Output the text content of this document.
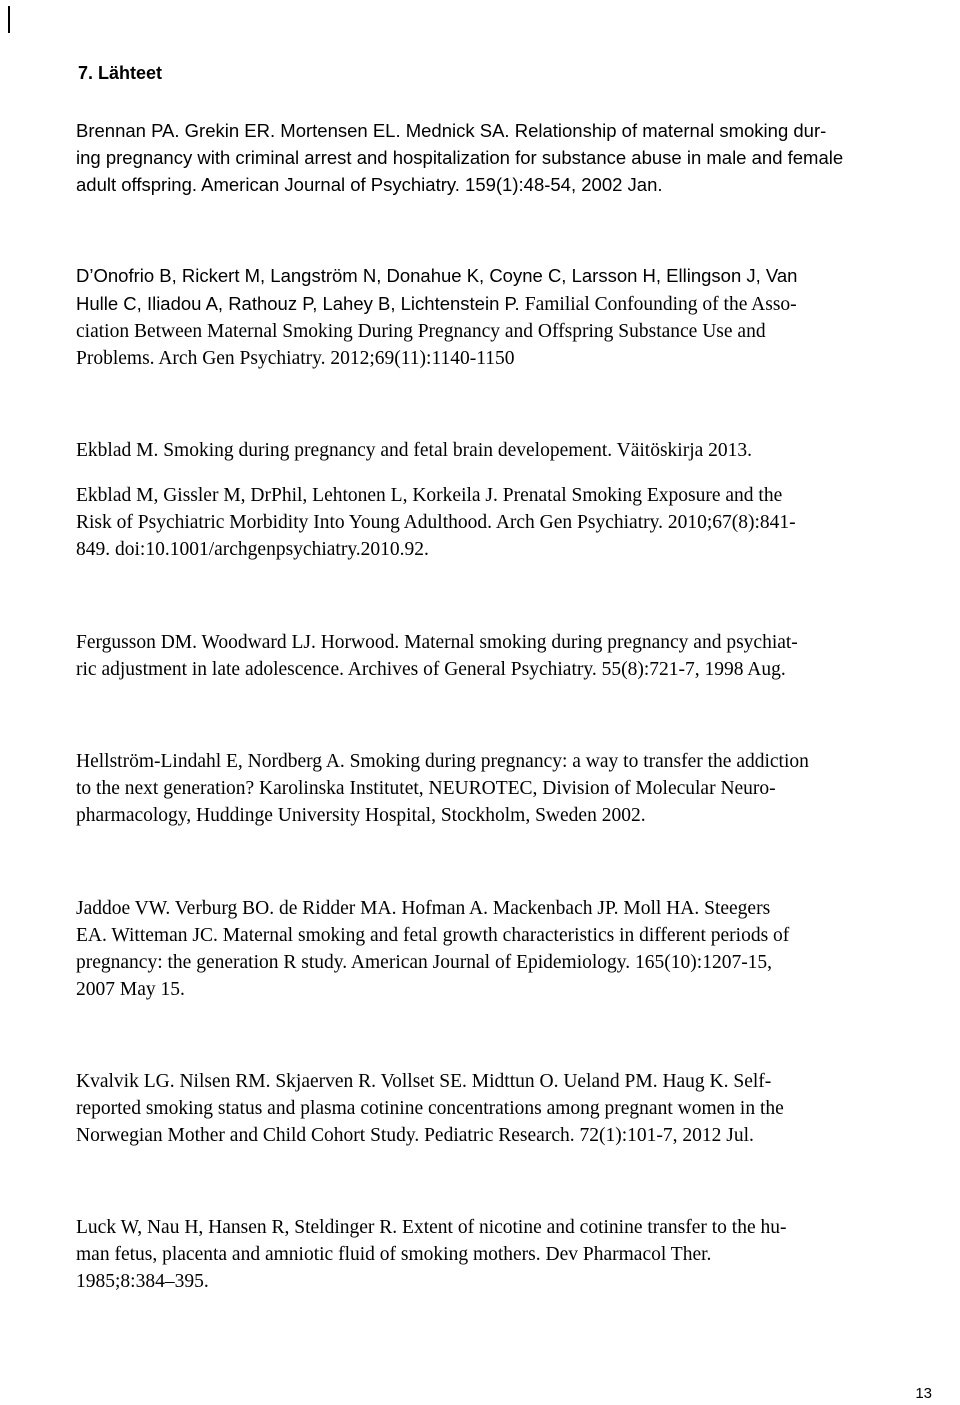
7. Lähteet

Brennan PA. Grekin ER. Mortensen EL. Mednick SA. Relationship of maternal smoking dur-
ing pregnancy with criminal arrest and hospitalization for substance abuse in male and female
adult offspring. American Journal of Psychiatry. 159(1):48-54, 2002 Jan.

D’Onofrio B, Rickert M, Langström N, Donahue K, Coyne C, Larsson H, Ellingson J, Van
Hulle C, Iliadou A, Rathouz P, Lahey B, Lichtenstein P. Familial Confounding of the Asso-
ciation Between Maternal Smoking During Pregnancy and Offspring Substance Use and
Problems. Arch Gen Psychiatry. 2012;69(11):1140-1150

Ekblad M. Smoking during pregnancy and fetal brain developement. Väitöskirja 2013.

Ekblad M, Gissler M, DrPhil, Lehtonen L, Korkeila J. Prenatal Smoking Exposure and the
Risk of Psychiatric Morbidity Into Young Adulthood. Arch Gen Psychiatry. 2010;67(8):841-
849. doi:10.1001/archgenpsychiatry.2010.92.

Fergusson DM. Woodward LJ. Horwood. Maternal smoking during pregnancy and psychiat-
ric adjustment in late adolescence. Archives of General Psychiatry. 55(8):721-7, 1998 Aug.

Hellström-Lindahl E, Nordberg A. Smoking during pregnancy: a way to transfer the addiction
to the next generation? Karolinska Institutet, NEUROTEC, Division of Molecular Neuro-
pharmacology, Huddinge University Hospital, Stockholm, Sweden 2002.

Jaddoe VW. Verburg BO. de Ridder MA. Hofman A. Mackenbach JP. Moll HA. Steegers
EA. Witteman JC. Maternal smoking and fetal growth characteristics in different periods of
pregnancy: the generation R study. American Journal of Epidemiology. 165(10):1207-15,
2007 May 15.

Kvalvik LG. Nilsen RM. Skjaerven R. Vollset SE. Midttun O. Ueland PM. Haug K. Self-
reported smoking status and plasma cotinine concentrations among pregnant women in the
Norwegian Mother and Child Cohort Study. Pediatric Research. 72(1):101-7, 2012 Jul.

Luck W, Nau H, Hansen R, Steldinger R. Extent of nicotine and cotinine transfer to the hu-
man fetus, placenta and amniotic fluid of smoking mothers. Dev Pharmacol Ther.
1985;8:384–395.

13
